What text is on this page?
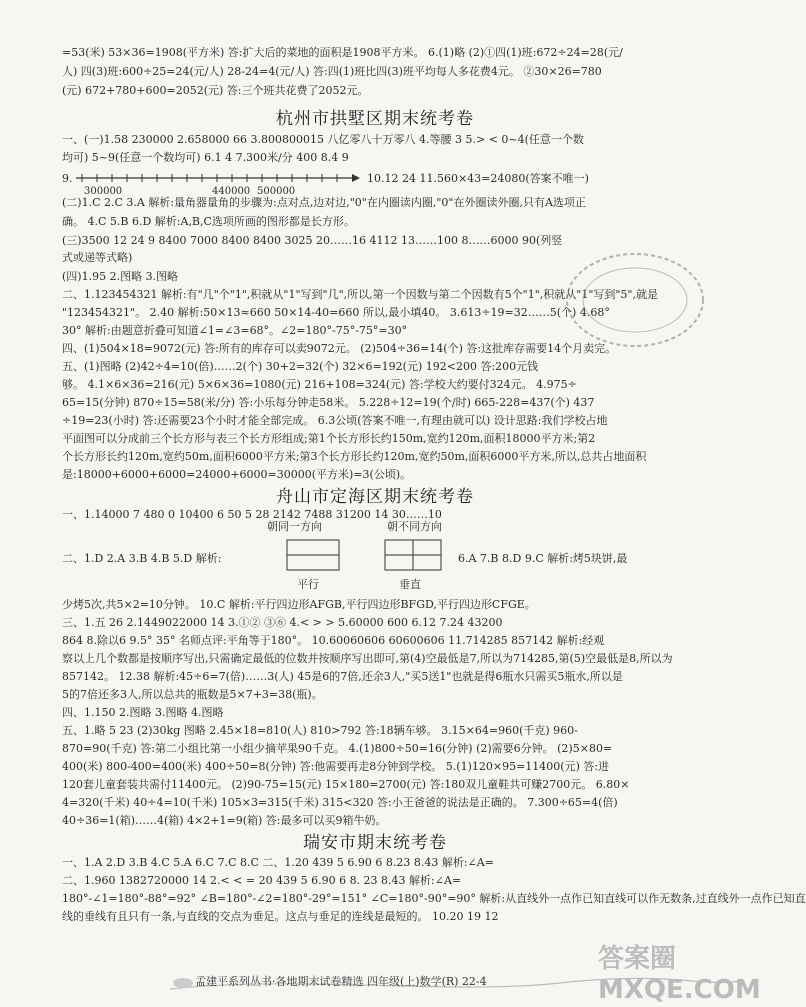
=53(米) 53×36=1908(平方米) 答:扩大后的菜地的面积是1908平方米。 6.(1)略 (2)①四(1)班:672÷24=28(元/
人) 四(3)班:600÷25=24(元/人) 28-24=4(元/人) 答:四(1)班比四(3)班平均每人多花费4元。 ②30×26=780
(元) 672+780+600=2052(元) 答:三个班共花费了2052元。
杭州市拱墅区期末统考卷
一、(一)1.58 230000 2.658000 66 3.800800015 八亿零八十万零八 4.等腰 3 5.> < 0~4(任意一个数
均可) 5~9(任意一个数均可) 6.1 4 7.300米/分 400 8.4 9
9.
300000	440000 500000
10.12 24 11.560×43=24080(答案不唯一)
(二)1.C 2.C 3.A 解析:量角器量角的步骤为:点对点,边对边,"0"在内圈读内圈,"0"在外圈读外圈,只有A选项正
确。 4.C 5.B 6.D 解析:A,B,C选项所画的图形都是长方形。
(三)3500 12 24 9 8400 7000 8400 8400 3025 20……16 4112 13……100 8……6000 90(列竖
式或递等式略)
(四)1.95 2.图略 3.图略
二、1.123454321 解析:有"几"个"1",积就从"1"写到"几",所以,第一个因数与第二个因数有5个"1",积就从"1"写到"5",就是
"123454321"。 2.40 解析:50×13≈660 50×14-40=660 所以,最小填40。 3.613÷19=32……5(个) 4.68°
30° 解析:由题意折叠可知道∠1=∠3=68°。∠2=180°-75°-75°=30°
四、(1)504×18=9072(元) 答:所有的库存可以卖9072元。 (2)504÷36=14(个) 答:这批库存需要14个月卖完。
五、(1)图略 (2)42÷4=10(倍)……2(个) 30+2=32(个) 32×6=192(元) 192<200 答:200元钱
够。 4.1×6×36=216(元) 5×6×36=1080(元) 216+108=324(元) 答:学校大约要付324元。 4.975÷
65=15(分钟) 870÷15=58(米/分) 答:小乐每分钟走58米。 5.228÷12=19(个/时) 665-228=437(个) 437
÷19=23(小时) 答:还需要23个小时才能全部完成。 6.3公顷(答案不唯一,有理由就可以) 设计思路:我们学校占地
平面图可以分成前三个长方形与表三个长方形组成;第1个长方形长约150m,宽约120m,面积18000平方米;第2
个长方形长约120m,宽约50m,面积6000平方米;第3个长方形长约120m,宽约50m,面积6000平方米,所以,总共占地面积
是:18000+6000+6000=24000+6000=30000(平方米)=3(公顷)。
舟山市定海区期末统考卷
一、1.14000 7 480 0 10400 6 50 5 28 2142 7488 31200 14 30……10
朝同一方向	朝不同方向
平行	垂直
二、1.D 2.A 3.B 4.B 5.D 解析:	6.A 7.B 8.D 9.C 解析:烤5块饼,最
少烤5次,共5×2=10分钟。 10.C 解析:平行四边形AFGB,平行四边形BFGD,平行四边形CFGE。
三、1.五 26 2.1449022000 14 3.①② ③⑥ 4.< > > 5.60000 600 6.12 7.24 43200
864 8.除以6 9.5° 35° 名师点评:平角等于180°。 10.60060606 60600606 11.714285 857142 解析:经观
察以上几个数都是按顺序写出,只需确定最低的位数并按顺序写出即可,第(4)空最低是7,所以为714285,第(5)空最低是8,所以为
857142。 12.38 解析:45÷6=7(倍)……3(人) 45是6的7倍,还余3人,"买5送1"也就是得6瓶水只需买5瓶水,所以是
5的7倍还多3人,所以总共的瓶数是5×7+3=38(瓶)。
四、1.150 2.图略 3.图略 4.图略
五、1.略 5 23 (2)30kg 图略 2.45×18=810(人) 810>792 答:18辆车够。 3.15×64=960(千克) 960-
870=90(千克) 答:第二小组比第一小组少摘苹果90千克。 4.(1)800÷50=16(分钟) (2)需要6分钟。 (2)5×80=
400(米) 800-400=400(米) 400÷50=8(分钟) 答:他需要再走8分钟到学校。 5.(1)120×95=11400(元) 答:进
120套儿童套装共需付11400元。 (2)90-75=15(元) 15×180=2700(元) 答:180双儿童鞋共可赚2700元。 6.80×
4=320(千米) 40÷4=10(千米) 105×3=315(千米) 315<320 答:小王爸爸的说法是正确的。 7.300÷65=4(倍)
40÷36=1(箱)……4(箱) 4×2+1=9(箱) 答:最多可以买9箱牛奶。
瑞安市期末统考卷
一、1.A 2.D 3.B 4.C 5.A 6.C 7.C 8.C 二、1.20 439 5 6.90 6 8.23 8.43 解析:∠A=
二、1.960 1382720000 14 2.< < = 20 439 5 6.90 6 8. 23 8.43 解析:∠A=
180°-∠1=180°-88°=92° ∠B=180°-∠2=180°-29°=151° ∠C=180°-90°=90° 解析:从直线外一点作已知直线可以作无数条,过直线外一点作已知直
线的垂线有且只有一条,与直线的交点为垂足。这点与垂足的连线是最短的。 10.20 19 12
孟建平系列丛书·各地期末试卷精选 四年级(上)数学(R) 22-4
答案圈 MXQE.COM
